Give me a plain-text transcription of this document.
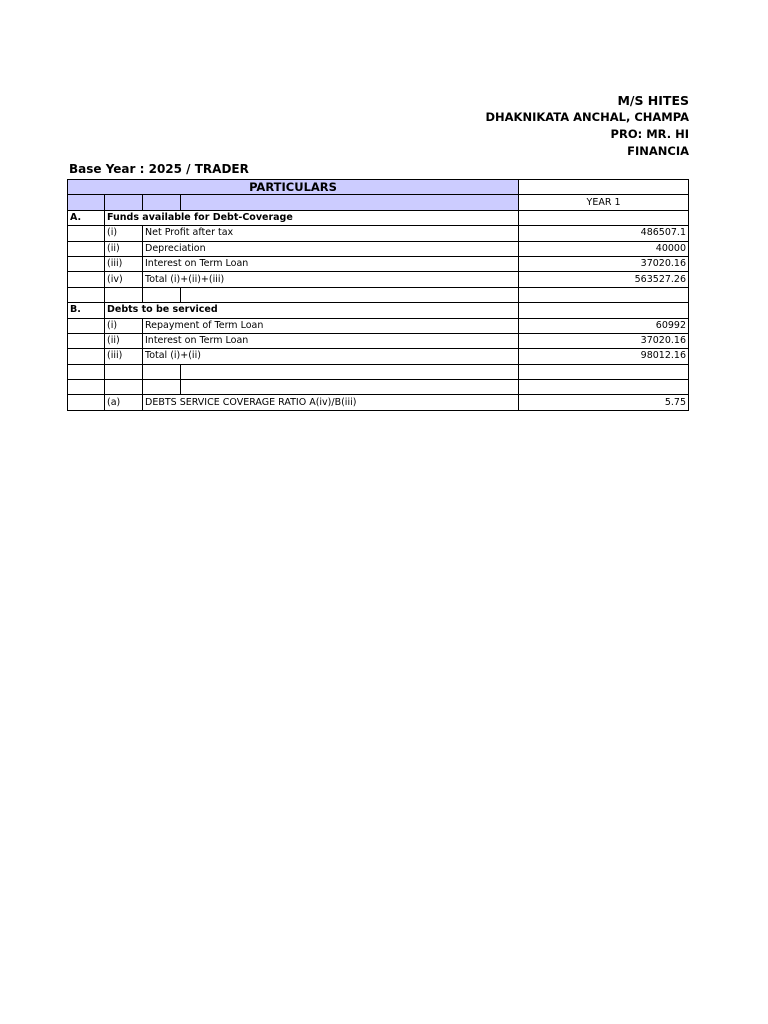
M/S HITES
DHAKNIKATA ANCHAL, CHAMPA
PRO: MR. HI
FINANCIA
Base Year : 2025 / TRADER
PARTICULARS					
				YEAR 1	
A.	Funds available for Debt-Coverage				
	(i)	Net Profit after tax		486507.1	
	(ii)	Depreciation		40000	
	(iii)	Interest on Term Loan		37020.16	
	(iv)	Total (i)+(ii)+(iii)		563527.26	

B.	Debts to be serviced				
	(i)	Repayment of Term Loan		60992	
	(ii)	Interest on Term Loan		37020.16	
	(iii)	Total (i)+(ii)		98012.16	

	(a)	DEBTS SERVICE COVERAGE RATIO A(iv)/B(iii)		5.75	
